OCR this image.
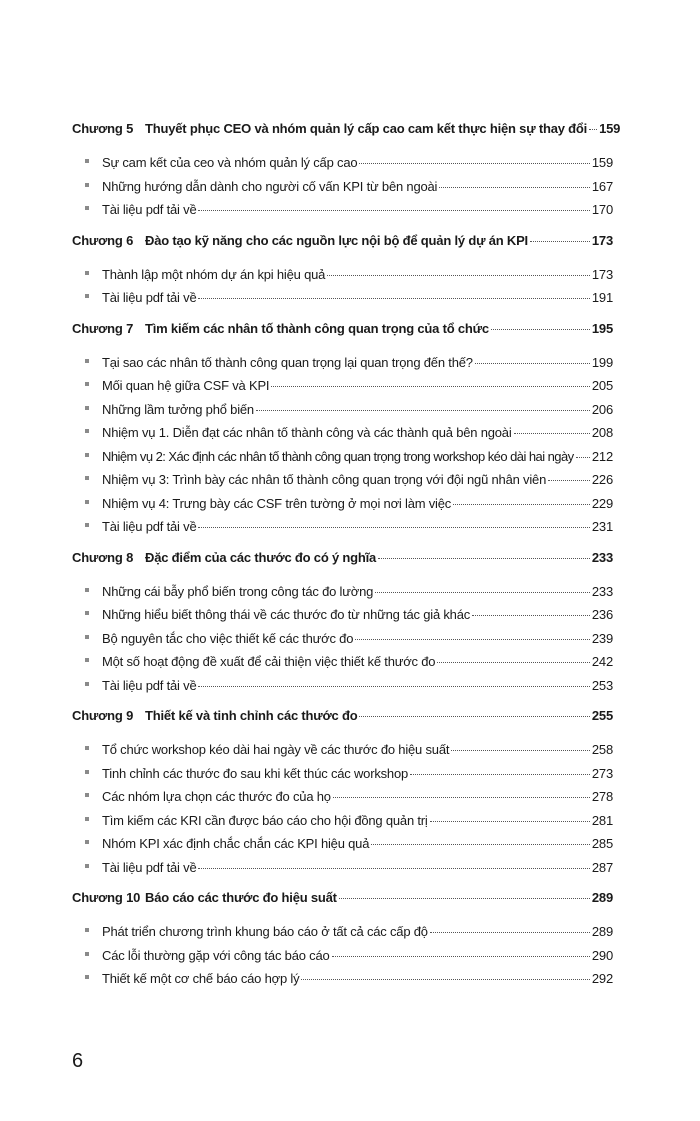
Chương 5 Thuyết phục CEO và nhóm quản lý cấp cao cam kết thực hiện sự thay đổi 159
Sự cam kết của ceo và nhóm quản lý cấp cao	159
Những hướng dẫn dành cho người cố vấn KPI từ bên ngoài	167
Tài liệu pdf tải về	170
Chương 6 Đào tạo kỹ năng cho các nguồn lực nội bộ để quản lý dự án KPI	173
Thành lập một nhóm dự án kpi hiệu quả	173
Tài liệu pdf tải về	191
Chương 7 Tìm kiếm các nhân tố thành công quan trọng của tổ chức	195
Tại sao các nhân tố thành công quan trọng lại quan trọng đến thế?	199
Mối quan hệ giữa CSF và KPI	205
Những lầm tưởng phổ biến	206
Nhiệm vụ 1. Diễn đạt các nhân tố thành công và các thành quả bên ngoài	208
Nhiệm vụ 2: Xác định các nhân tố thành công quan trọng trong workshop kéo dài hai ngày 212
Nhiệm vụ 3: Trình bày các nhân tố thành công quan trọng với đội ngũ nhân viên	226
Nhiệm vụ 4: Trưng bày các CSF trên tường ở mọi nơi làm việc	229
Tài liệu pdf tải về	231
Chương 8 Đặc điểm của các thước đo có ý nghĩa	233
Những cái bẫy phổ biến trong công tác đo lường	233
Những hiểu biết thông thái về các thước đo từ những tác giả khác	236
Bộ nguyên tắc cho việc thiết kế các thước đo	239
Một số hoạt động đề xuất để cải thiện việc thiết kế thước đo	242
Tài liệu pdf tải về	253
Chương 9 Thiết kế và tinh chỉnh các thước đo	255
Tổ chức workshop kéo dài hai ngày về các thước đo hiệu suất	258
Tinh chỉnh các thước đo sau khi kết thúc các workshop	273
Các nhóm lựa chọn các thước đo của họ	278
Tìm kiếm các KRI cần được báo cáo cho hội đồng quản trị	281
Nhóm KPI xác định chắc chắn các KPI hiệu quả	285
Tài liệu pdf tải về	287
Chương 10 Báo cáo các thước đo hiệu suất	289
Phát triển chương trình khung báo cáo ở tất cả các cấp độ	289
Các lỗi thường gặp với công tác báo cáo	290
Thiết kế một cơ chế báo cáo hợp lý	292
6
